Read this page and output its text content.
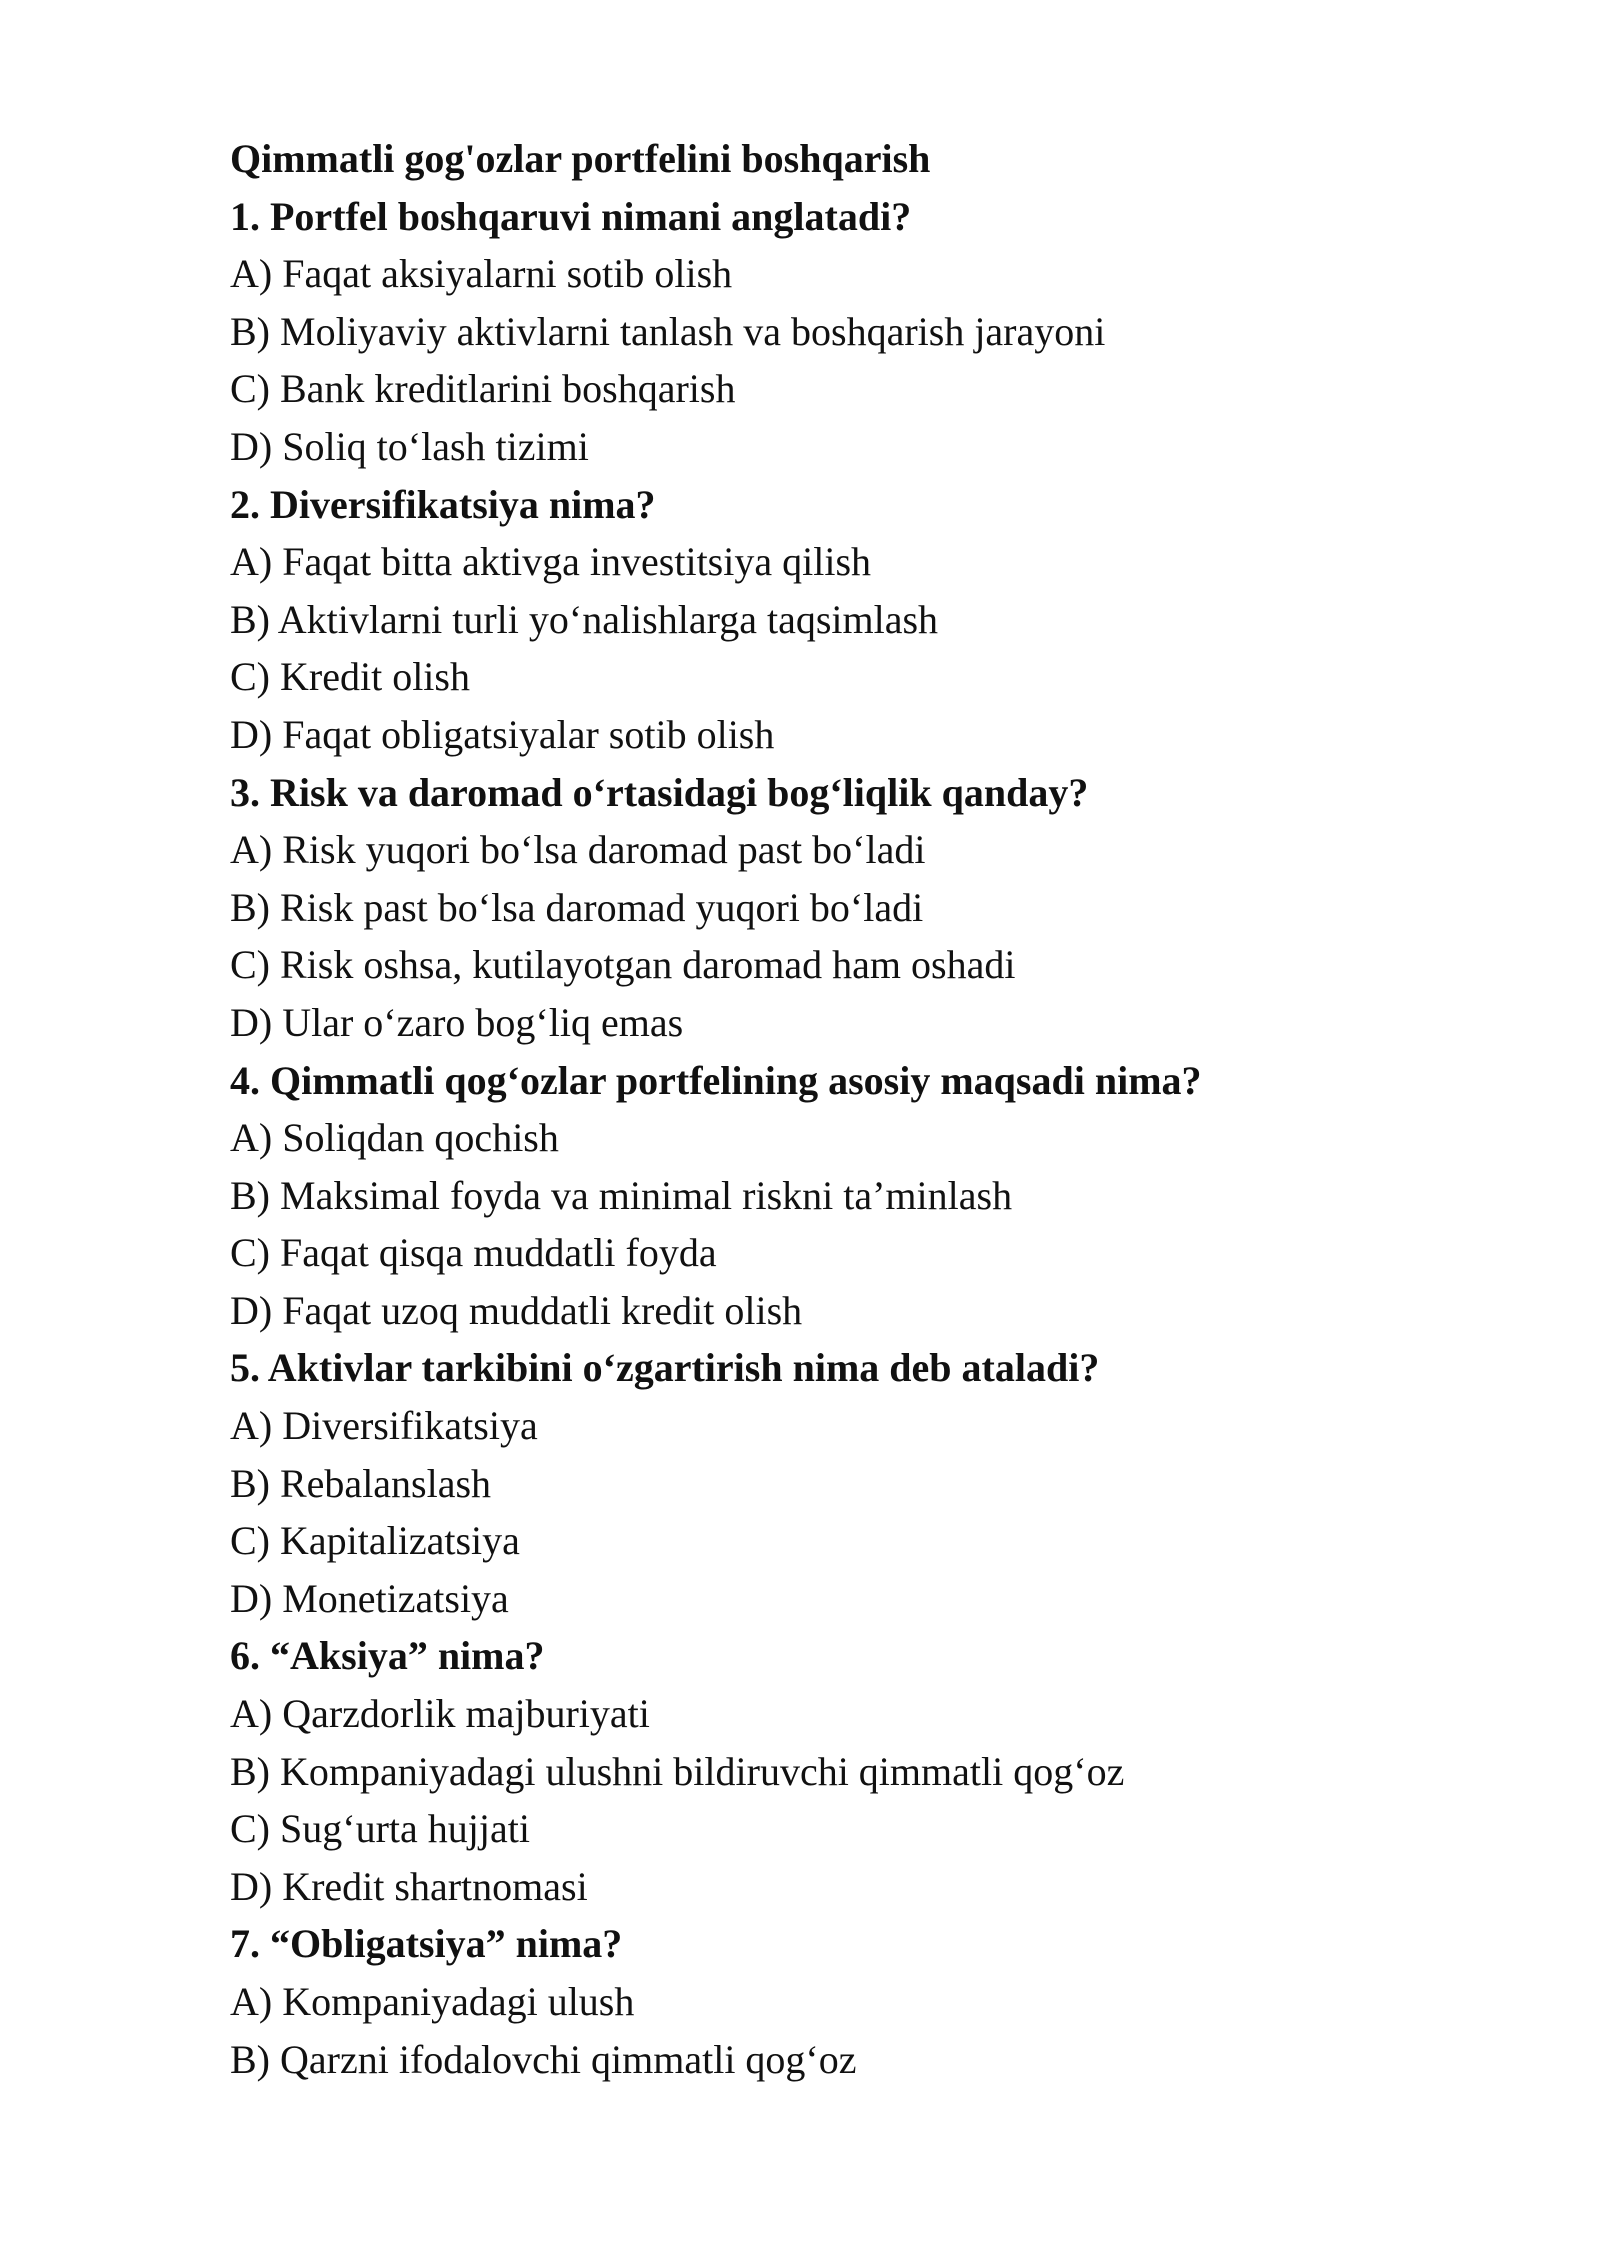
Qimmatli gog'ozlar portfelini boshqarish
1. Portfel boshqaruvi nimani anglatadi?
A) Faqat aksiyalarni sotib olish
B) Moliyaviy aktivlarni tanlash va boshqarish jarayoni
C) Bank kreditlarini boshqarish
D) Soliq to‘lash tizimi
2. Diversifikatsiya nima?
A) Faqat bitta aktivga investitsiya qilish
B) Aktivlarni turli yo‘nalishlarga taqsimlash
C) Kredit olish
D) Faqat obligatsiyalar sotib olish
3. Risk va daromad o‘rtasidagi bog‘liqlik qanday?
A) Risk yuqori bo‘lsa daromad past bo‘ladi
B) Risk past bo‘lsa daromad yuqori bo‘ladi
C) Risk oshsa, kutilayotgan daromad ham oshadi
D) Ular o‘zaro bog‘liq emas
4. Qimmatli qog‘ozlar portfelining asosiy maqsadi nima?
A) Soliqdan qochish
B) Maksimal foyda va minimal riskni ta’minlash
C) Faqat qisqa muddatli foyda
D) Faqat uzoq muddatli kredit olish
5. Aktivlar tarkibini o‘zgartirish nima deb ataladi?
A) Diversifikatsiya
B) Rebalanslash
C) Kapitalizatsiya
D) Monetizatsiya
6. “Aksiya” nima?
A) Qarzdorlik majburiyati
B) Kompaniyadagi ulushni bildiruvchi qimmatli qog‘oz
C) Sug‘urta hujjati
D) Kredit shartnomasi
7. “Obligatsiya” nima?
A) Kompaniyadagi ulush
B) Qarzni ifodalovchi qimmatli qog‘oz
